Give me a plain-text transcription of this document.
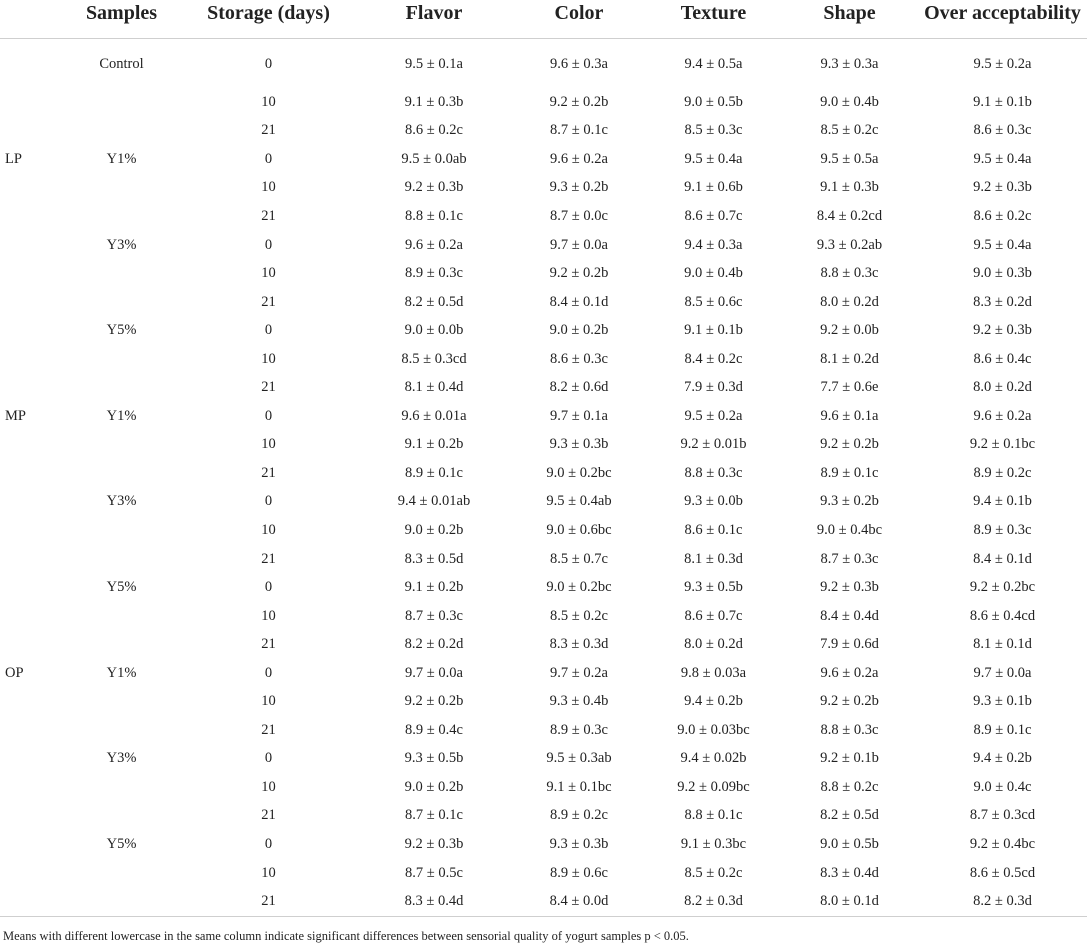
	Samples	Storage (days)	Flavor	Color	Texture	Shape	Over acceptability
	Control	0	9.5 ± 0.1a	9.6 ± 0.3a	9.4 ± 0.5a	9.3 ± 0.3a	9.5 ± 0.2a
		10	9.1 ± 0.3b	9.2 ± 0.2b	9.0 ± 0.5b	9.0 ± 0.4b	9.1 ± 0.1b
		21	8.6 ± 0.2c	8.7 ± 0.1c	8.5 ± 0.3c	8.5 ± 0.2c	8.6 ± 0.3c
LP	Y1%	0	9.5 ± 0.0ab	9.6 ± 0.2a	9.5 ± 0.4a	9.5 ± 0.5a	9.5 ± 0.4a
		10	9.2 ± 0.3b	9.3 ± 0.2b	9.1 ± 0.6b	9.1 ± 0.3b	9.2 ± 0.3b
		21	8.8 ± 0.1c	8.7 ± 0.0c	8.6 ± 0.7c	8.4 ± 0.2cd	8.6 ± 0.2c
	Y3%	0	9.6 ± 0.2a	9.7 ± 0.0a	9.4 ± 0.3a	9.3 ± 0.2ab	9.5 ± 0.4a
		10	8.9 ± 0.3c	9.2 ± 0.2b	9.0 ± 0.4b	8.8 ± 0.3c	9.0 ± 0.3b
		21	8.2 ± 0.5d	8.4 ± 0.1d	8.5 ± 0.6c	8.0 ± 0.2d	8.3 ± 0.2d
	Y5%	0	9.0 ± 0.0b	9.0 ± 0.2b	9.1 ± 0.1b	9.2 ± 0.0b	9.2 ± 0.3b
		10	8.5 ± 0.3cd	8.6 ± 0.3c	8.4 ± 0.2c	8.1 ± 0.2d	8.6 ± 0.4c
		21	8.1 ± 0.4d	8.2 ± 0.6d	7.9 ± 0.3d	7.7 ± 0.6e	8.0 ± 0.2d
MP	Y1%	0	9.6 ± 0.01a	9.7 ± 0.1a	9.5 ± 0.2a	9.6 ± 0.1a	9.6 ± 0.2a
		10	9.1 ± 0.2b	9.3 ± 0.3b	9.2 ± 0.01b	9.2 ± 0.2b	9.2 ± 0.1bc
		21	8.9 ± 0.1c	9.0 ± 0.2bc	8.8 ± 0.3c	8.9 ± 0.1c	8.9 ± 0.2c
	Y3%	0	9.4 ± 0.01ab	9.5 ± 0.4ab	9.3 ± 0.0b	9.3 ± 0.2b	9.4 ± 0.1b
		10	9.0 ± 0.2b	9.0 ± 0.6bc	8.6 ± 0.1c	9.0 ± 0.4bc	8.9 ± 0.3c
		21	8.3 ± 0.5d	8.5 ± 0.7c	8.1 ± 0.3d	8.7 ± 0.3c	8.4 ± 0.1d
	Y5%	0	9.1 ± 0.2b	9.0 ± 0.2bc	9.3 ± 0.5b	9.2 ± 0.3b	9.2 ± 0.2bc
		10	8.7 ± 0.3c	8.5 ± 0.2c	8.6 ± 0.7c	8.4 ± 0.4d	8.6 ± 0.4cd
		21	8.2 ± 0.2d	8.3 ± 0.3d	8.0 ± 0.2d	7.9 ± 0.6d	8.1 ± 0.1d
OP	Y1%	0	9.7 ± 0.0a	9.7 ± 0.2a	9.8 ± 0.03a	9.6 ± 0.2a	9.7 ± 0.0a
		10	9.2 ± 0.2b	9.3 ± 0.4b	9.4 ± 0.2b	9.2 ± 0.2b	9.3 ± 0.1b
		21	8.9 ± 0.4c	8.9 ± 0.3c	9.0 ± 0.03bc	8.8 ± 0.3c	8.9 ± 0.1c
	Y3%	0	9.3 ± 0.5b	9.5 ± 0.3ab	9.4 ± 0.02b	9.2 ± 0.1b	9.4 ± 0.2b
		10	9.0 ± 0.2b	9.1 ± 0.1bc	9.2 ± 0.09bc	8.8 ± 0.2c	9.0 ± 0.4c
		21	8.7 ± 0.1c	8.9 ± 0.2c	8.8 ± 0.1c	8.2 ± 0.5d	8.7 ± 0.3cd
	Y5%	0	9.2 ± 0.3b	9.3 ± 0.3b	9.1 ± 0.3bc	9.0 ± 0.5b	9.2 ± 0.4bc
		10	8.7 ± 0.5c	8.9 ± 0.6c	8.5 ± 0.2c	8.3 ± 0.4d	8.6 ± 0.5cd
		21	8.3 ± 0.4d	8.4 ± 0.0d	8.2 ± 0.3d	8.0 ± 0.1d	8.2 ± 0.3d
Means with different lowercase in the same column indicate significant differences between sensorial quality of yogurt samples p < 0.05.
